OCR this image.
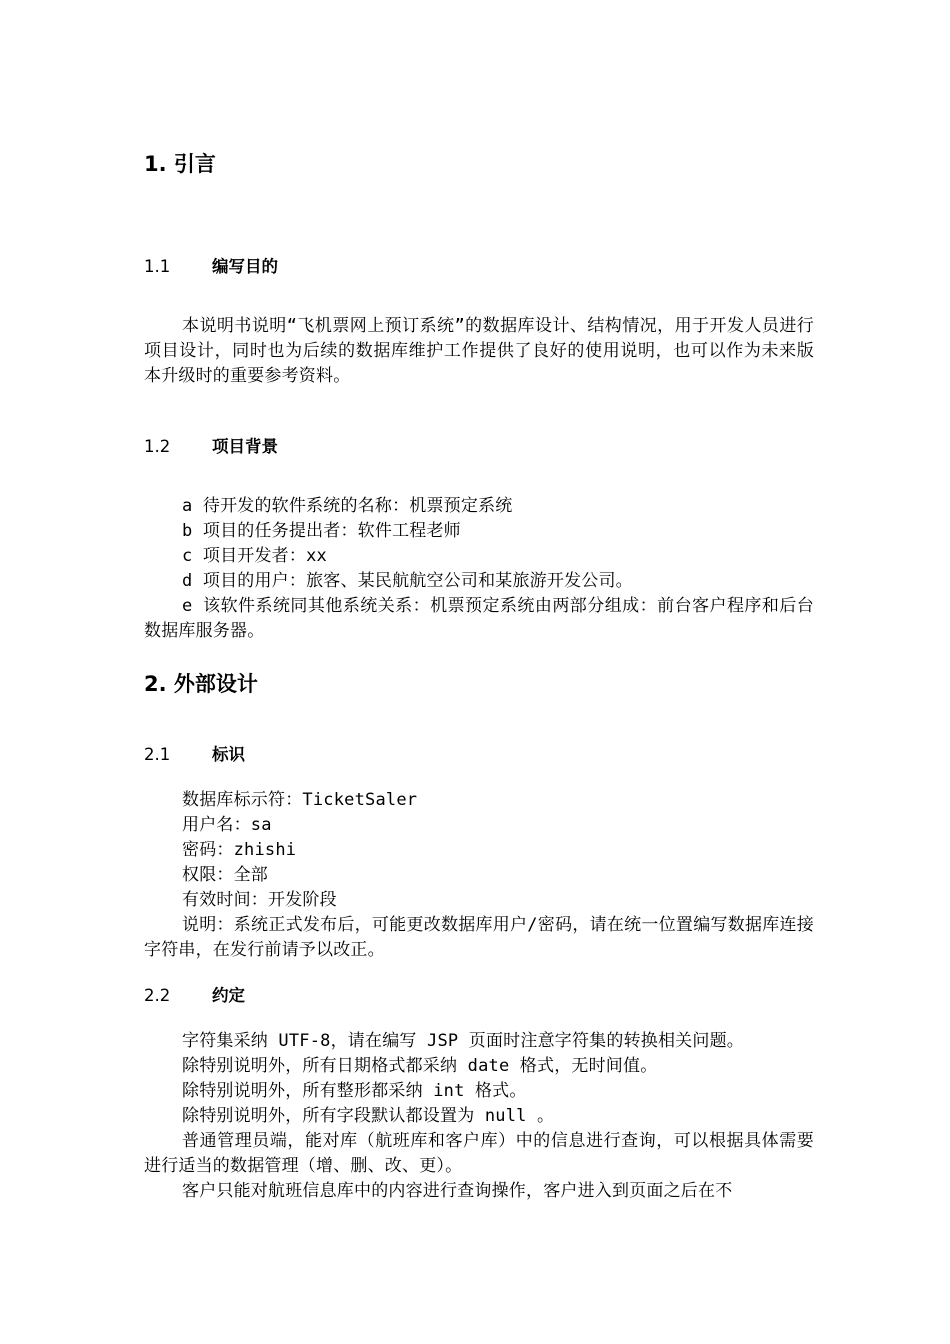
1. 引言
1.1	编写目的
本说明书说明“飞机票网上预订系统”的数据库设计、结构情况，用于开发人员进行项目设计，同时也为后续的数据库维护工作提供了良好的使用说明，也可以作为未来版本升级时的重要参考资料。
1.2	项目背景
a 待开发的软件系统的名称：机票预定系统
b 项目的任务提出者：软件工程老师
c 项目开发者：xx
d 项目的用户：旅客、某民航航空公司和某旅游开发公司。
e 该软件系统同其他系统关系：机票预定系统由两部分组成：前台客户程序和后台数据库服务器。
2. 外部设计
2.1	标识
数据库标示符：TicketSaler
用户名：sa
密码：zhishi
权限：全部
有效时间：开发阶段
说明：系统正式发布后，可能更改数据库用户/密码，请在统一位置编写数据库连接字符串，在发行前请予以改正。
2.2	约定
字符集采纳 UTF-8，请在编写 JSP 页面时注意字符集的转换相关问题。
除特别说明外，所有日期格式都采纳 date 格式，无时间值。
除特别说明外，所有整形都采纳 int 格式。
除特别说明外，所有字段默认都设置为 null 。
普通管理员端，能对库（航班库和客户库）中的信息进行查询，可以根据具体需要进行适当的数据管理（增、删、改、更）。
客户只能对航班信息库中的内容进行查询操作，客户进入到页面之后在不
